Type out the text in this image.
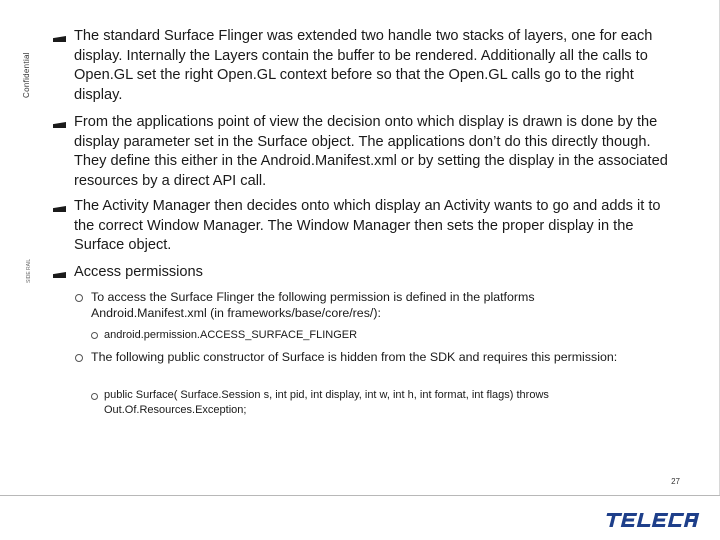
Confidential
SIDE RAIL
The standard Surface Flinger was extended two handle two stacks of layers, one for each display. Internally the Layers contain the buffer to be rendered. Additionally all the calls to Open.GL set the right Open.GL context before so that the Open.GL calls go to the right display.
From the applications point of view the decision onto which display is drawn is done by the display parameter set in the Surface object. The applications don’t do this directly though. They define this either in the Android.Manifest.xml or by setting the display in the associated resources by a direct API call.
The Activity Manager then decides onto which display an Activity wants to go and adds it to the correct Window Manager. The Window Manager then sets the proper display in the Surface object.
Access permissions
To access the Surface Flinger the following permission is defined in the platforms Android.Manifest.xml (in frameworks/base/core/res/):
android.permission.ACCESS_SURFACE_FLINGER
The following public constructor of Surface is hidden from the SDK and requires this permission:
public Surface( Surface.Session s, int pid, int display, int w, int h, int format, int flags) throws Out.Of.Resources.Exception;
27
